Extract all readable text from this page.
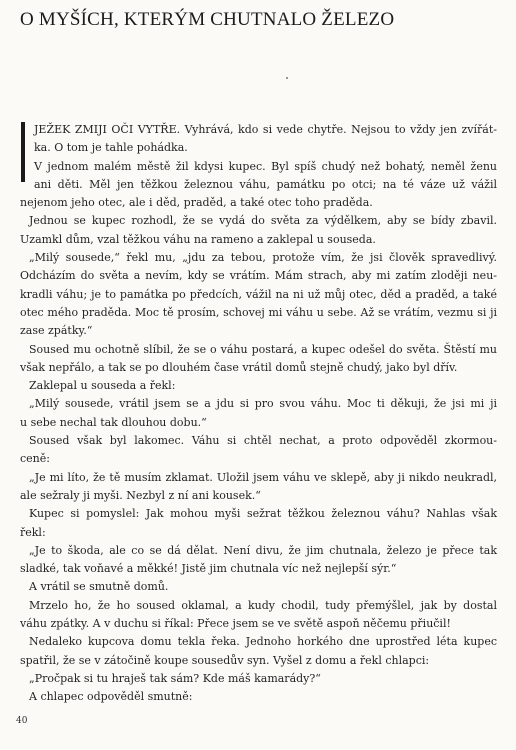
O MYŠÍCH, KTERÝM CHUTNALO ŽELEZO
JEŽEK ZMIJI OČI VYTŘE. Vyhrává, kdo si vede chytře. Nejsou to vždy jen zvířát-
ka. O tom je tahle pohádka.
V jednom malém městě žil kdysi kupec. Byl spíš chudý než bohatý, neměl ženu
ani děti. Měl jen těžkou železnou váhu, památku po otci; na té váze už vážil
nejenom jeho otec, ale i děd, praděd, a také otec toho praděda.
Jednou se kupec rozhodl, že se vydá do světa za výdělkem, aby se bídy zbavil.
Uzamkl dům, vzal těžkou váhu na rameno a zaklepal u souseda.
„Milý sousede,“ řekl mu, „jdu za tebou, protože vím, že jsi člověk spravedlivý.
Odcházím do světa a nevím, kdy se vrátím. Mám strach, aby mi zatím zloději neu-
kradli váhu; je to památka po předcích, vážil na ni už můj otec, děd a praděd, a také
otec mého praděda. Moc tě prosím, schovej mi váhu u sebe. Až se vrátím, vezmu si ji
zase zpátky.“
Soused mu ochotně slíbil, že se o váhu postará, a kupec odešel do světa. Štěstí mu
však nepřálo, a tak se po dlouhém čase vrátil domů stejně chudý, jako byl dřív.
Zaklepal u souseda a řekl:
„Milý sousede, vrátil jsem se a jdu si pro svou váhu. Moc ti děkuji, že jsi mi ji
u sebe nechal tak dlouhou dobu.“
Soused však byl lakomec. Váhu si chtěl nechat, a proto odpověděl zkormou-
ceně:
„Je mi líto, že tě musím zklamat. Uložil jsem váhu ve sklepě, aby ji nikdo neukradl,
ale sežraly ji myši. Nezbyl z ní ani kousek.“
Kupec si pomyslel: Jak mohou myši sežrat těžkou železnou váhu? Nahlas však
řekl:
„Je to škoda, ale co se dá dělat. Není divu, že jim chutnala, železo je přece tak
sladké, tak voňavé a měkké! Jistě jim chutnala víc než nejlepší sýr.“
A vrátil se smutně domů.
Mrzelo ho, že ho soused oklamal, a kudy chodil, tudy přemýšlel, jak by dostal
váhu zpátky. A v duchu si říkal: Přece jsem se ve světě aspoň něčemu přiučil!
Nedaleko kupcova domu tekla řeka. Jednoho horkého dne uprostřed léta kupec
spatřil, že se v zátočině koupe sousedův syn. Vyšel z domu a řekl chlapci:
„Pročpak si tu hraješ tak sám? Kde máš kamarády?“
A chlapec odpověděl smutně:
40
